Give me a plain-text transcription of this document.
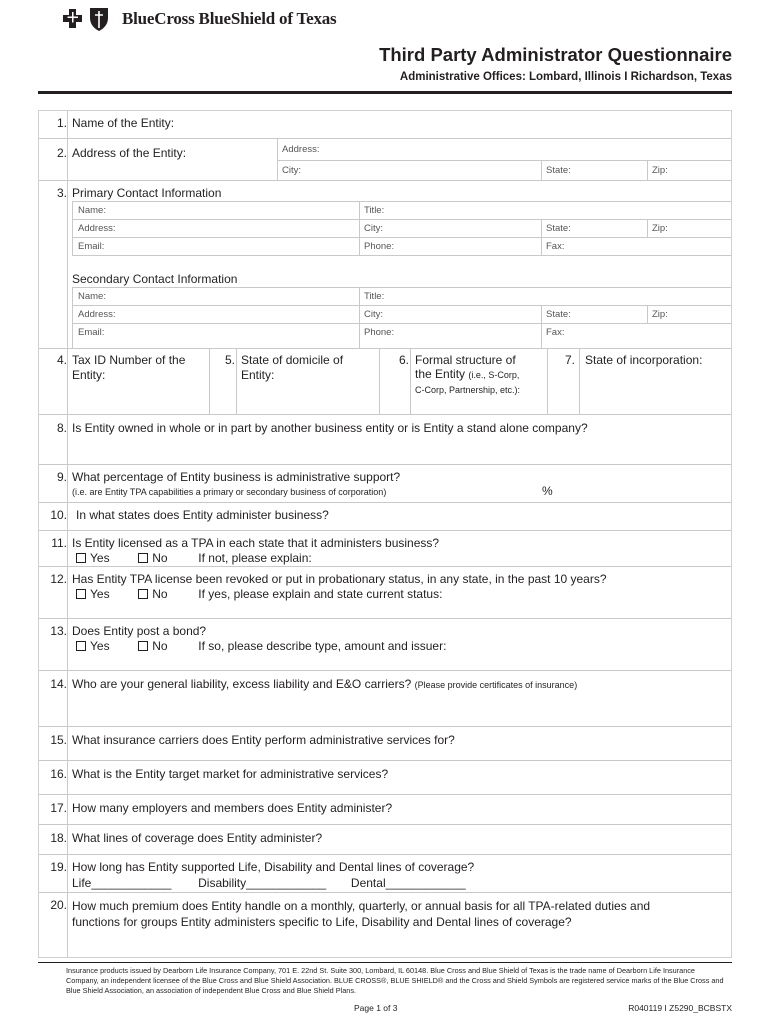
BlueCross BlueShield of Texas
Third Party Administrator Questionnaire
Administrative Offices: Lombard, Illinois I Richardson, Texas
1. Name of the Entity:
2. Address of the Entity:	Address:
City:	State:	Zip:
3. Primary Contact Information
Name:	Title:
Address:	City:	State:	Zip:
Email:	Phone:	Fax:
Secondary Contact Information
Name:	Title:
Address:	City:	State:	Zip:
Email:	Phone:	Fax:
4. Tax ID Number of the
Entity:
5. State of domicile of
Entity:
6. Formal structure of
the Entity (i.e., S-Corp,
C-Corp, Partnership, etc.):
7. State of incorporation:
8. Is Entity owned in whole or in part by another business entity or is Entity a stand alone company?
9. What percentage of Entity business is administrative support?
(i.e. are Entity TPA capabilities a primary or secondary business of corporation)	%
10. In what states does Entity administer business?
11. Is Entity licensed as a TPA in each state that it administers business?
Yes	No	If not, please explain:
12. Has Entity TPA license been revoked or put in probationary status, in any state, in the past 10 years?
Yes	No	If yes, please explain and state current status:
13. Does Entity post a bond?
Yes	No	If so, please describe type, amount and issuer:
14. Who are your general liability, excess liability and E&O carriers? (Please provide certificates of insurance)
15. What insurance carriers does Entity perform administrative services for?
16. What is the Entity target market for administrative services?
17. How many employers and members does Entity administer?
18. What lines of coverage does Entity administer?
19. How long has Entity supported Life, Disability and Dental lines of coverage?
Life____________ Disability____________ Dental____________
20. How much premium does Entity handle on a monthly, quarterly, or annual basis for all TPA-related duties and
functions for groups Entity administers specific to Life, Disability and Dental lines of coverage?
Insurance products issued by Dearborn Life Insurance Company, 701 E. 22nd St. Suite 300, Lombard, IL 60148. Blue Cross and Blue Shield of Texas is the trade name of Dearborn Life Insurance Company, an independent licensee of the Blue Cross and Blue Shield Association. BLUE CROSS®, BLUE SHIELD® and the Cross and Shield Symbols are registered service marks of the Blue Cross and Blue Shield Association, an association of independent Blue Cross and Blue Shield Plans.
Page 1 of 3	R040119 I Z5290_BCBSTX
